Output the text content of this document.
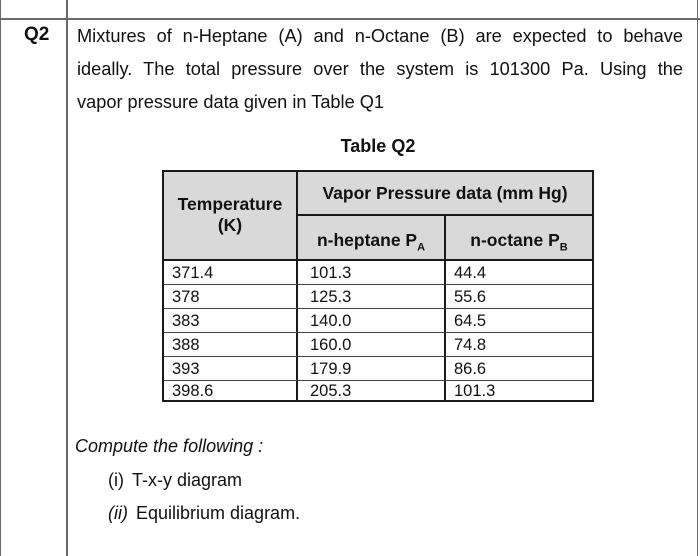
Q2 Mixtures of n-Heptane (A) and n-Octane (B) are expected to behave
ideally. The total pressure over the system is 101300 Pa. Using the
vapor pressure data given in Table Q1
Table Q2
Temperature
(K)
Vapor Pressure data (mm Hg)
n-heptane $P_A$	n-octane $P_B$
371.4	101.3	44.4
378	125.3	55.6
383	140.0	64.5
388	160.0	74.8
393	179.9	86.6
398.6	205.3	101.3
Compute the following :
(i) T-x-y diagram
(ii) Equilibrium diagram.
